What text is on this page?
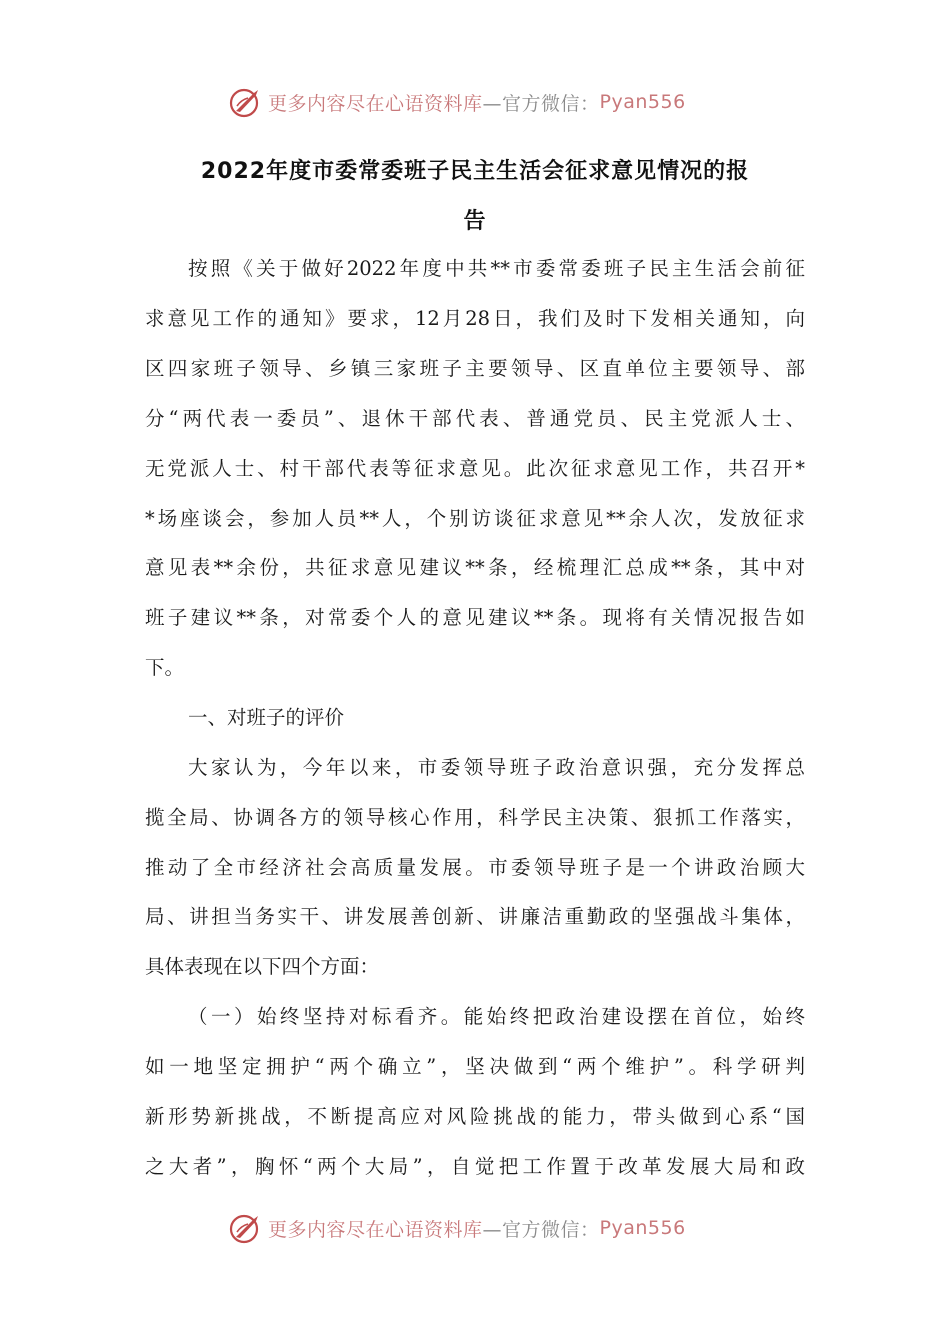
更多内容尽在心语资料库 —官方微信： Pyan556
2022年度市委常委班子民主生活会征求意见情况的报
告
按照《关于做好2022年度中共**市委常委班子民主生活会前征
求意见工作的通知》要求，12月28日，我们及时下发相关通知，向
区四家班子领导、乡镇三家班子主要领导、区直单位主要领导、部
分“两代表一委员”、退休干部代表、普通党员、民主党派人士、
无党派人士、村干部代表等征求意见。此次征求意见工作，共召开*
*场座谈会，参加人员**人，个别访谈征求意见**余人次，发放征求
意见表**余份，共征求意见建议**条，经梳理汇总成**条，其中对
班子建议**条，对常委个人的意见建议**条。现将有关情况报告如
下。
一、对班子的评价
大家认为，今年以来，市委领导班子政治意识强，充分发挥总
揽全局、协调各方的领导核心作用，科学民主决策、狠抓工作落实，
推动了全市经济社会高质量发展。市委领导班子是一个讲政治顾大
局、讲担当务实干、讲发展善创新、讲廉洁重勤政的坚强战斗集体，
具体表现在以下四个方面：
（一）始终坚持对标看齐。能始终把政治建设摆在首位，始终
如一地坚定拥护“两个确立”，坚决做到“两个维护”。科学研判
新形势新挑战，不断提高应对风险挑战的能力，带头做到心系“国
之大者”，胸怀“两个大局”，自觉把工作置于改革发展大局和政
更多内容尽在心语资料库 —官方微信： Pyan556
